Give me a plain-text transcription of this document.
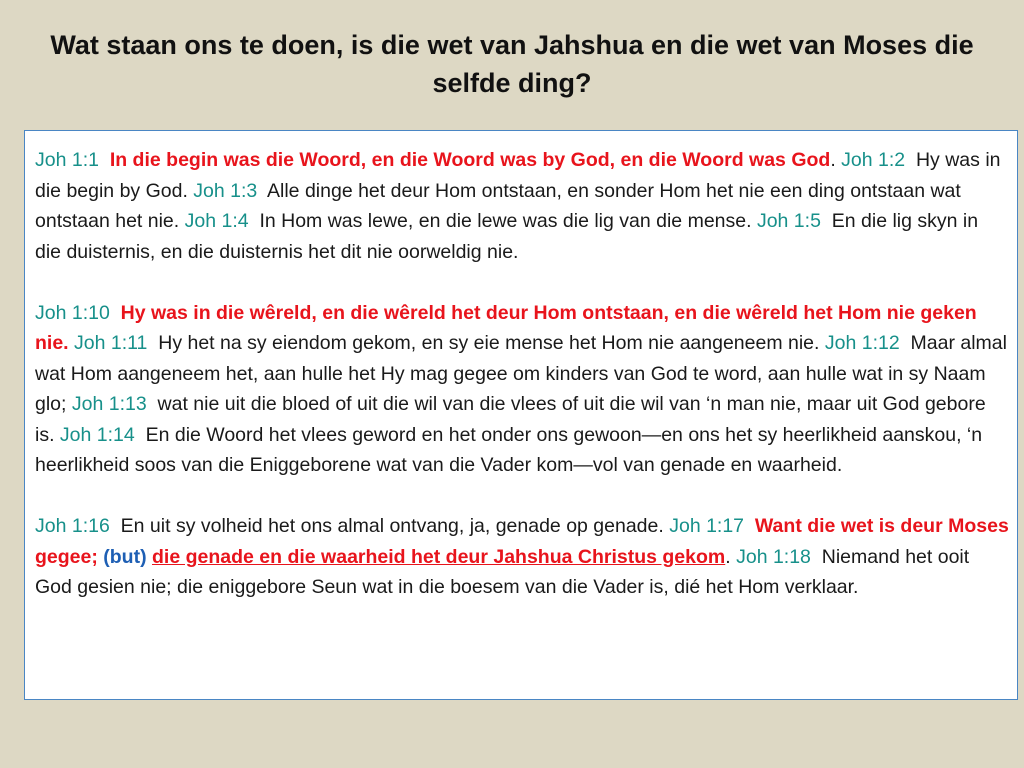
Wat staan ons te doen, is die wet van Jahshua en die wet van Moses die selfde ding?

Joh 1:1 In die begin was die Woord, en die Woord was by God, en die Woord was God. Joh 1:2 Hy was in die begin by God. Joh 1:3 Alle dinge het deur Hom ontstaan, en sonder Hom het nie een ding ontstaan wat ontstaan het nie. Joh 1:4 In Hom was lewe, en die lewe was die lig van die mense. Joh 1:5 En die lig skyn in die duisternis, en die duisternis het dit nie oorweldig nie.

Joh 1:10 Hy was in die wêreld, en die wêreld het deur Hom ontstaan, en die wêreld het Hom nie geken nie. Joh 1:11 Hy het na sy eiendom gekom, en sy eie mense het Hom nie aangeneem nie. Joh 1:12 Maar almal wat Hom aangeneem het, aan hulle het Hy mag gegee om kinders van God te word, aan hulle wat in sy Naam glo; Joh 1:13 wat nie uit die bloed of uit die wil van die vlees of uit die wil van ‘n man nie, maar uit God gebore is. Joh 1:14 En die Woord het vlees geword en het onder ons gewoon—en ons het sy heerlikheid aanskou, ‘n heerlikheid soos van die Eniggeborene wat van die Vader kom—vol van genade en waarheid.

Joh 1:16 En uit sy volheid het ons almal ontvang, ja, genade op genade. Joh 1:17 Want die wet is deur Moses gegee; (but) die genade en die waarheid het deur Jahshua Christus gekom. Joh 1:18 Niemand het ooit God gesien nie; die eniggebore Seun wat in die boesem van die Vader is, dié het Hom verklaar.
